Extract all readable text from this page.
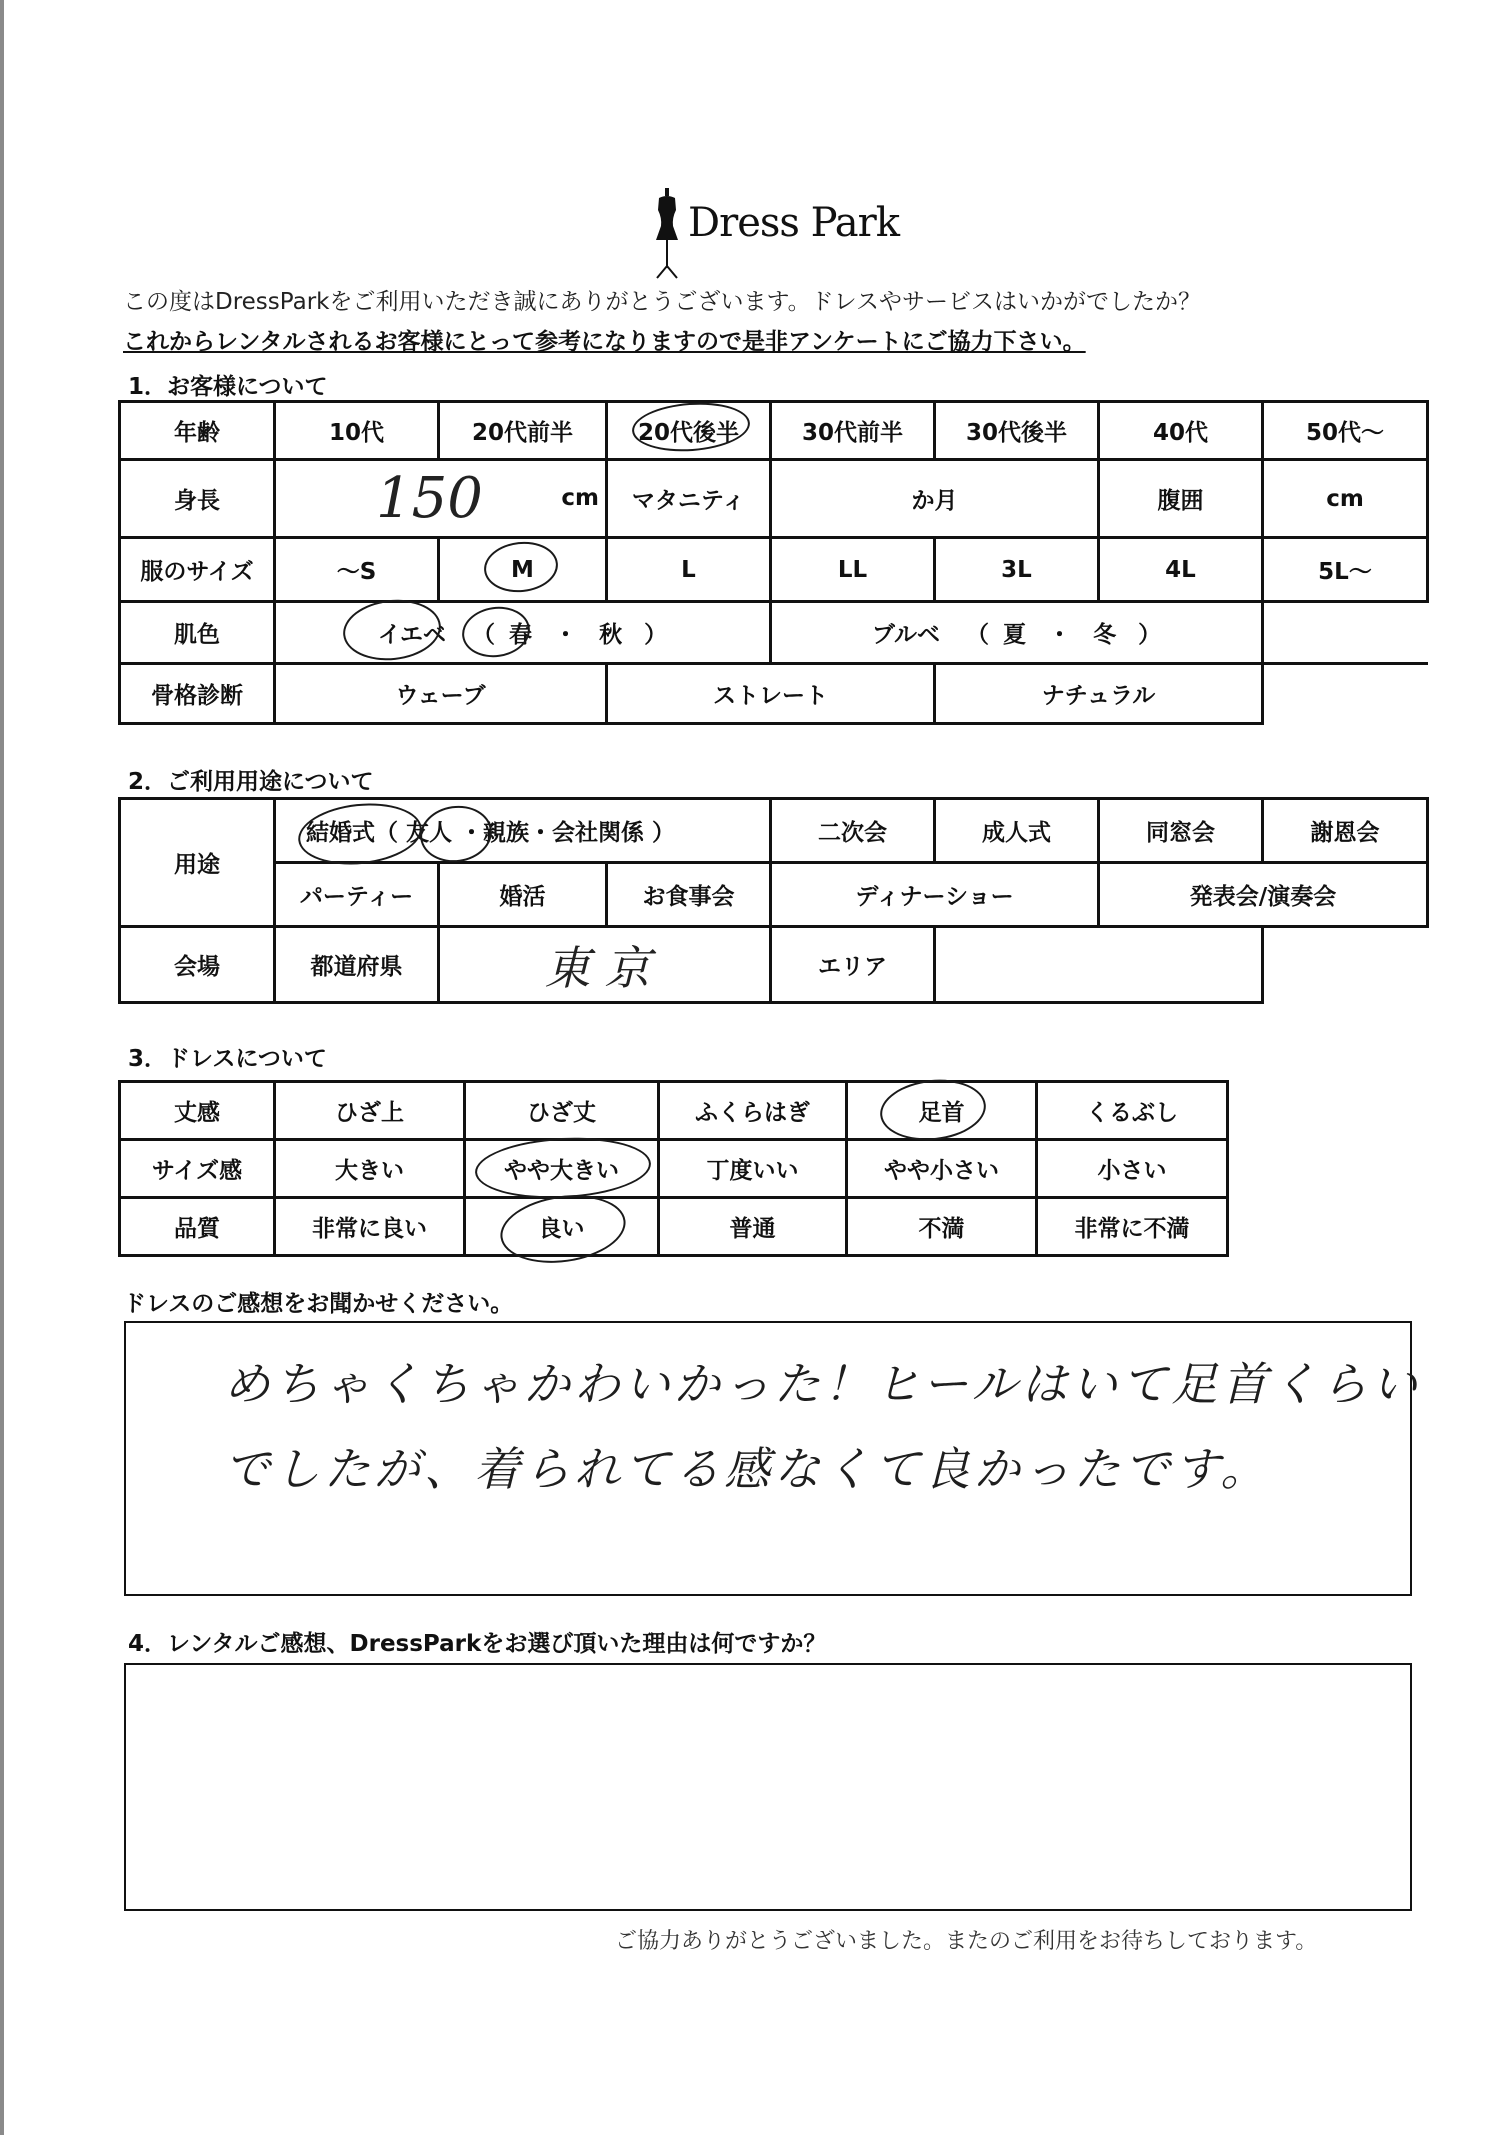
Dress Park
この度はDressParkをご利用いただき誠にありがとうございます。ドレスやサービスはいかがでしたか？
これからレンタルされるお客様にとって参考になりますので是非アンケートにご協力下さい。
1．お客様について
年齢	10代	20代前半	20代後半	30代前半	30代後半	40代	50代～
身長	150 cm		マタニティ	か月		腹囲	cm
服のサイズ	～S	M	L	LL	3L	4L	5L～
肌色	イエベ （ 春 ・ 秋 ）			ブルベ （ 夏 ・ 冬 ）			
骨格診断	ウェーブ		ストレート		ナチュラル		
2．ご利用用途について
用途	結婚式（ 友人 ・親族・会社関係 ）			二次会	成人式	同窓会	謝恩会
	パーティー	婚活	お食事会	ディナーショー		発表会/演奏会	
会場	都道府県	東京		エリア			
3．ドレスについて
丈感	ひざ上	ひざ丈	ふくらはぎ	足首	くるぶし
サイズ感	大きい	やや大きい	丁度いい	やや小さい	小さい
品質	非常に良い	良い	普通	不満	非常に不満
ドレスのご感想をお聞かせください。
めちゃくちゃかわいかった！ヒールはいて足首くらい
でしたが、着られてる感なくて良かったです。
4．レンタルご感想、DressParkをお選び頂いた理由は何ですか？
ご協力ありがとうございました。またのご利用をお待ちしております。
